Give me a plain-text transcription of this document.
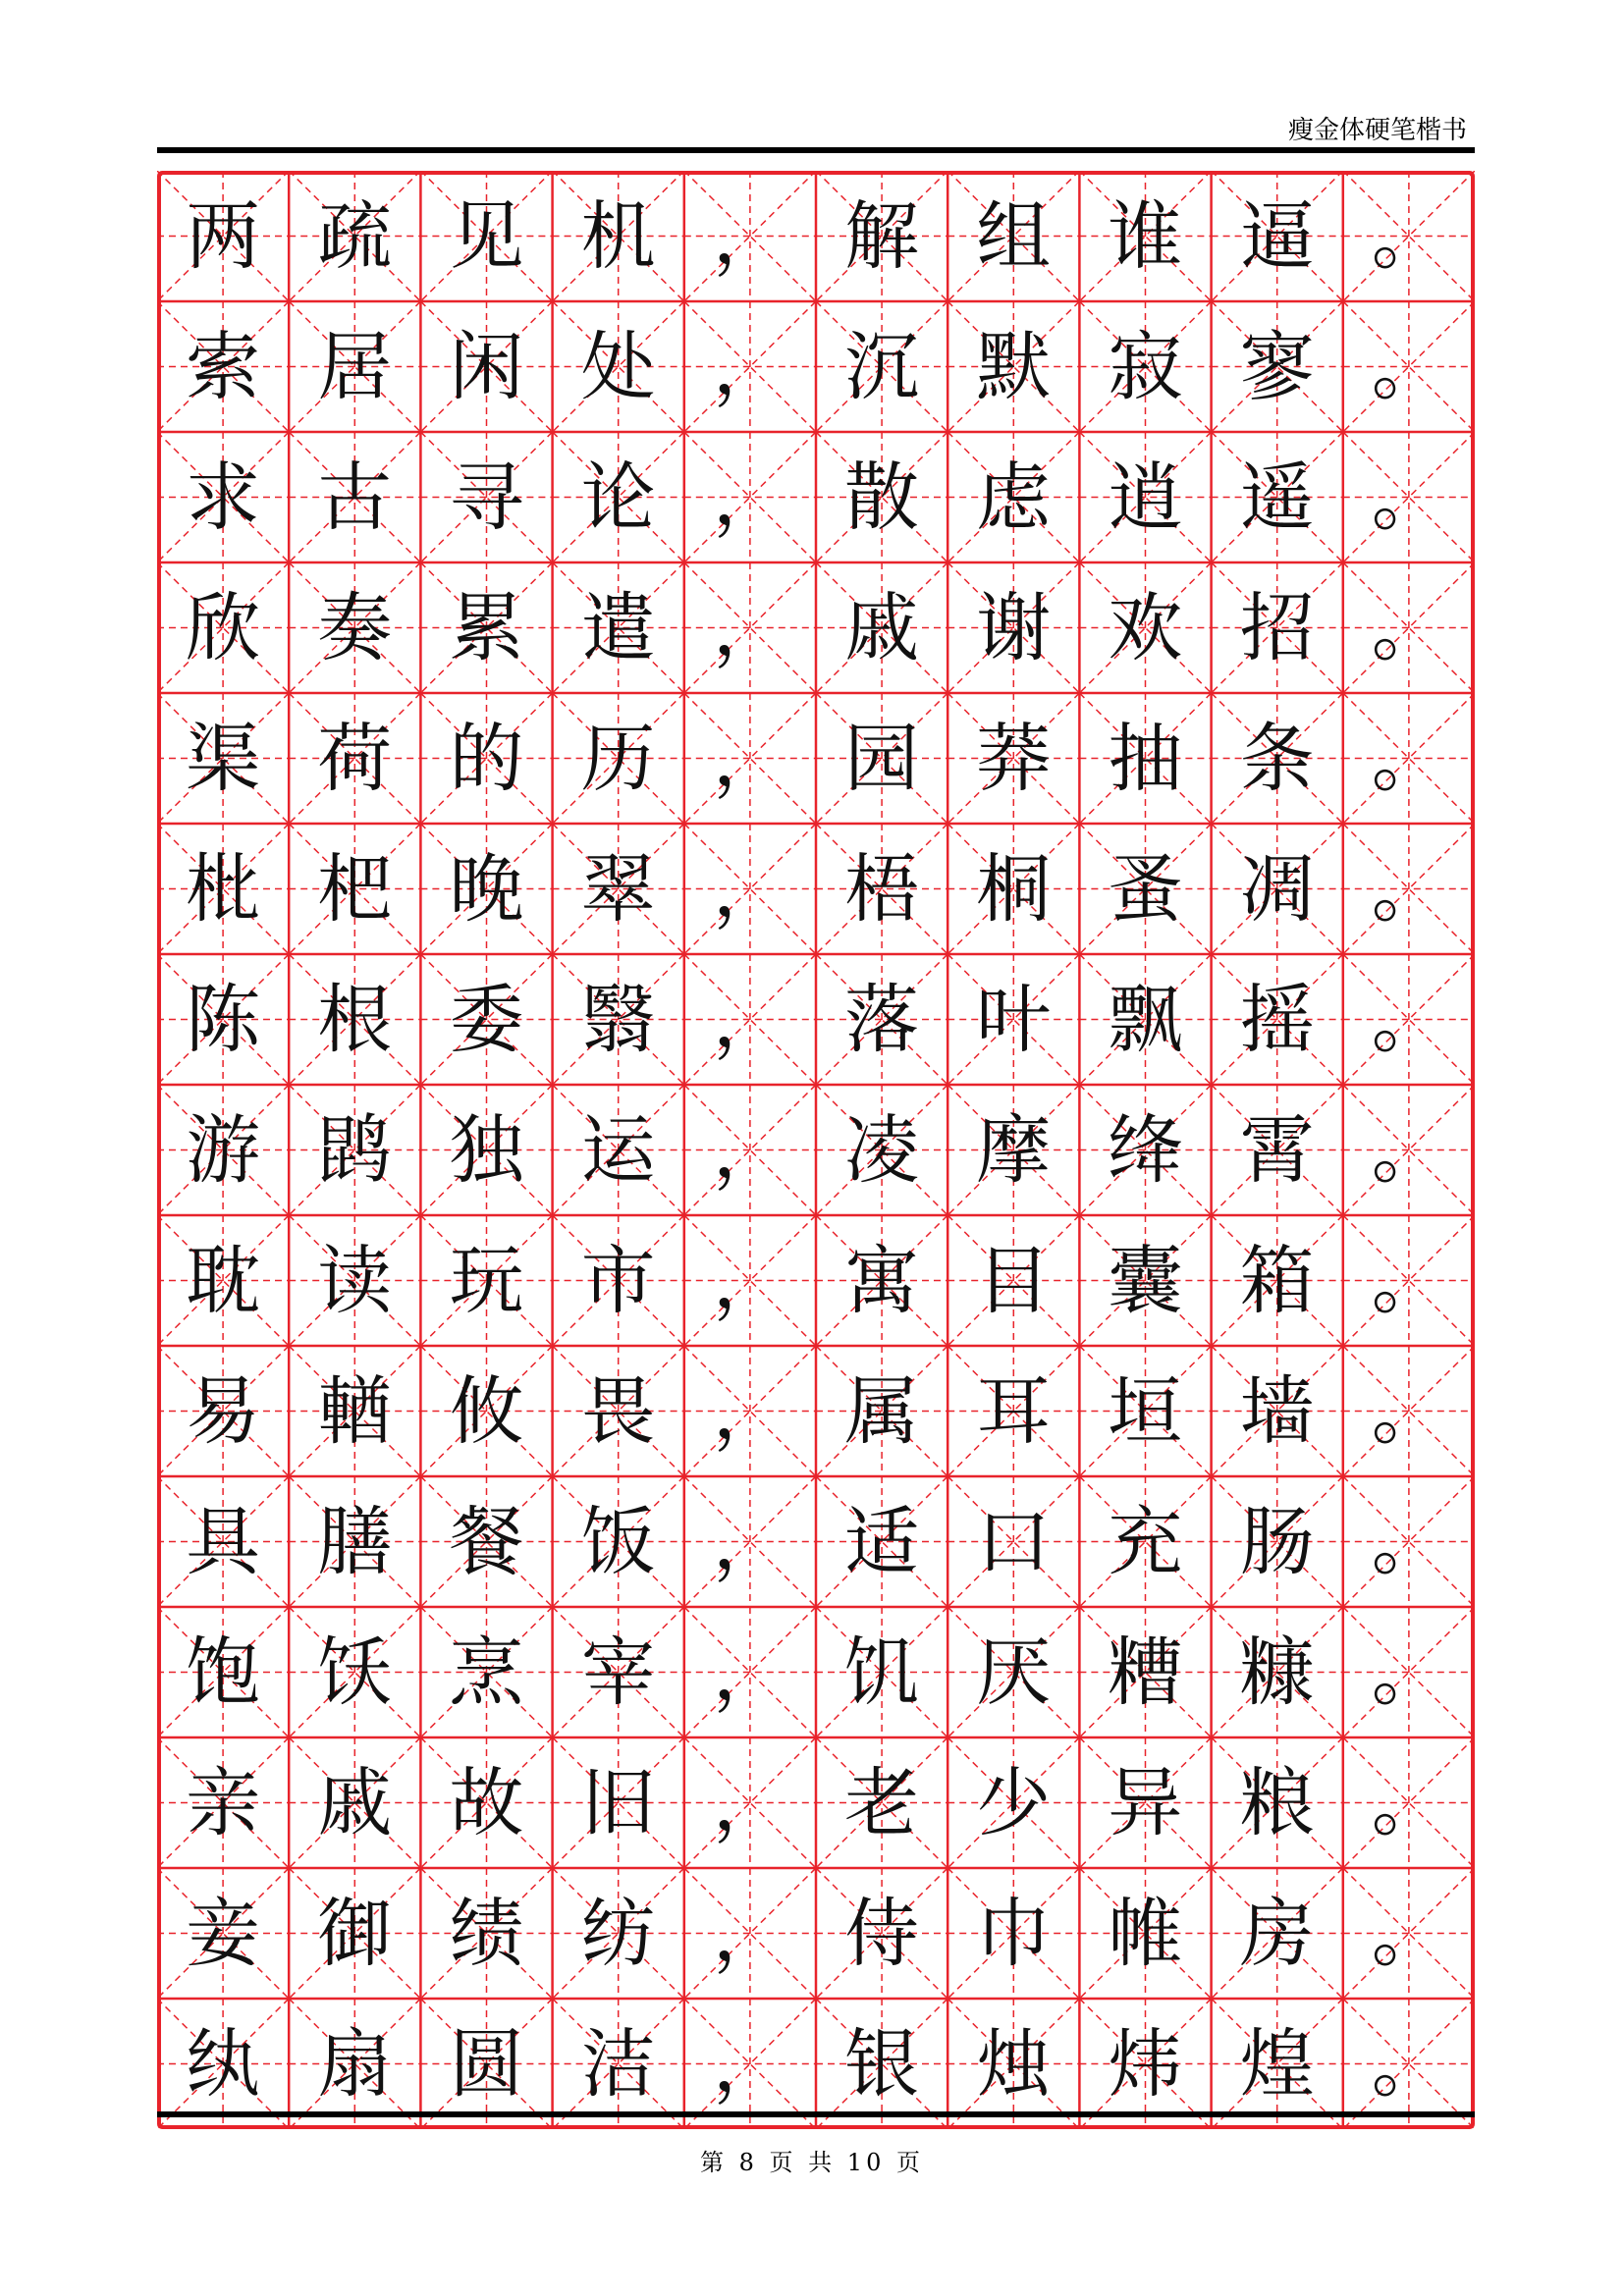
瘦金体硬笔楷书
两 疏 见 机 ， 解 组 谁 逼 。
索 居 闲 处 ， 沉 默 寂 寥 。
求 古 寻 论 ， 散 虑 逍 遥 。
欣 奏 累 遣 ， 戚 谢 欢 招 。
渠 荷 的 历 ， 园 莽 抽 条 。
枇 杷 晚 翠 ， 梧 桐 蚤 凋 。
陈 根 委 翳 ， 落 叶 飘 摇 。
游 鹍 独 运 ， 凌 摩 绛 霄 。
耽 读 玩 市 ， 寓 目 囊 箱 。
易 輶 攸 畏 ， 属 耳 垣 墙 。
具 膳 餐 饭 ， 适 口 充 肠 。
饱 饫 烹 宰 ， 饥 厌 糟 糠 。
亲 戚 故 旧 ， 老 少 异 粮 。
妾 御 绩 纺 ， 侍 巾 帷 房 。
纨 扇 圆 洁 ， 银 烛 炜 煌 。
第 8 页 共 10 页
